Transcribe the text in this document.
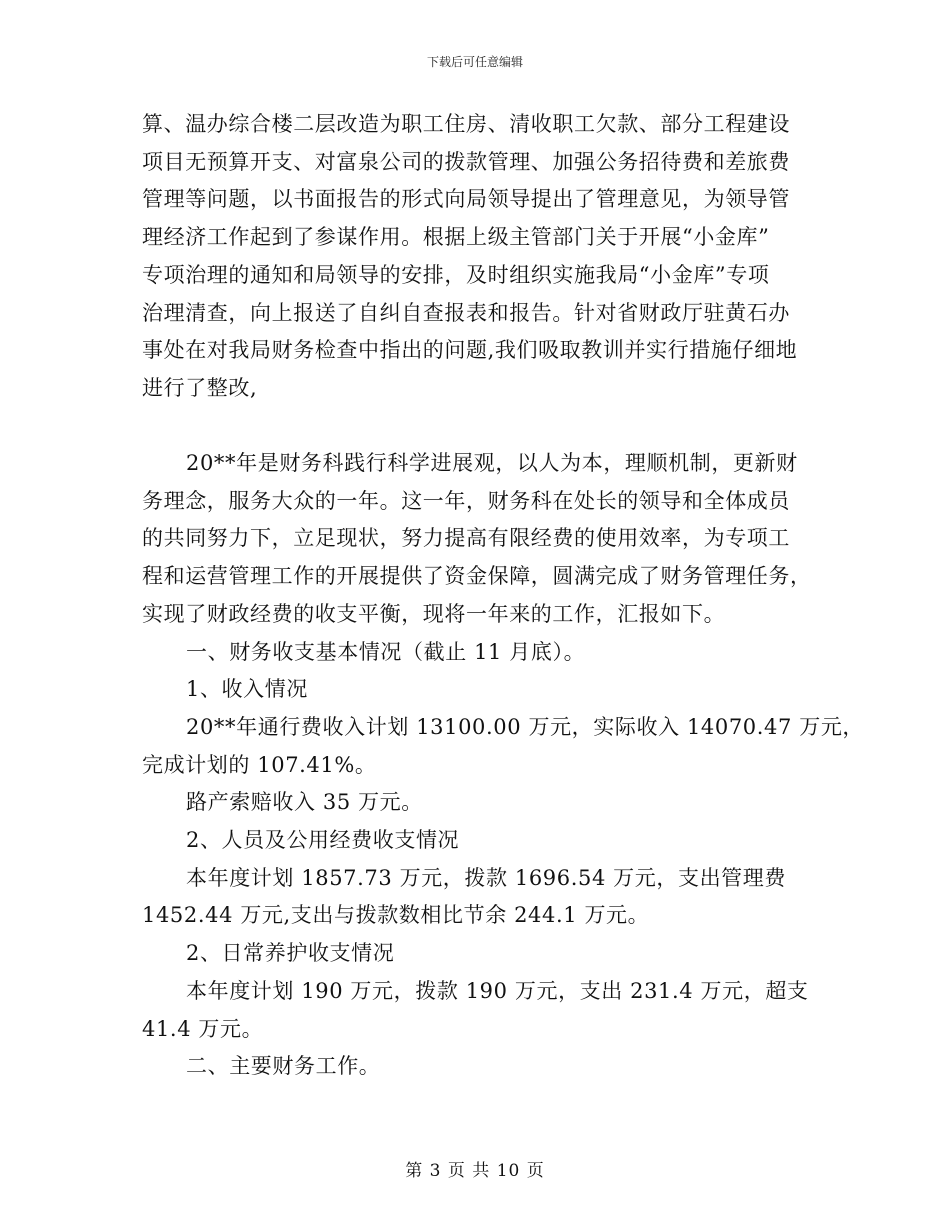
下载后可任意编辑
算、温办综合楼二层改造为职工住房、清收职工欠款、部分工程建设
项目无预算开支、对富泉公司的拨款管理、加强公务招待费和差旅费
管理等问题，以书面报告的形式向局领导提出了管理意见，为领导管
理经济工作起到了参谋作用。根据上级主管部门关于开展“小金库”
专项治理的通知和局领导的安排，及时组织实施我局“小金库”专项
治理清查，向上报送了自纠自查报表和报告。针对省财政厅驻黄石办
事处在对我局财务检查中指出的问题,我们吸取教训并实行措施仔细地
进行了整改,
20**年是财务科践行科学进展观，以人为本，理顺机制，更新财
务理念，服务大众的一年。这一年，财务科在处长的领导和全体成员
的共同努力下，立足现状，努力提高有限经费的使用效率，为专项工
程和运营管理工作的开展提供了资金保障，圆满完成了财务管理任务，
实现了财政经费的收支平衡，现将一年来的工作，汇报如下。
一、财务收支基本情况（截止 11 月底）。
1、收入情况
20**年通行费收入计划 13100.00 万元，实际收入 14070.47 万元，
完成计划的 107.41%。
路产索赔收入 35 万元。
2、人员及公用经费收支情况
本年度计划 1857.73 万元，拨款 1696.54 万元，支出管理费
1452.44 万元,支出与拨款数相比节余 244.1 万元。
2、日常养护收支情况
本年度计划 190 万元，拨款 190 万元，支出 231.4 万元，超支
41.4 万元。
二、主要财务工作。
第 3 页 共 10 页
